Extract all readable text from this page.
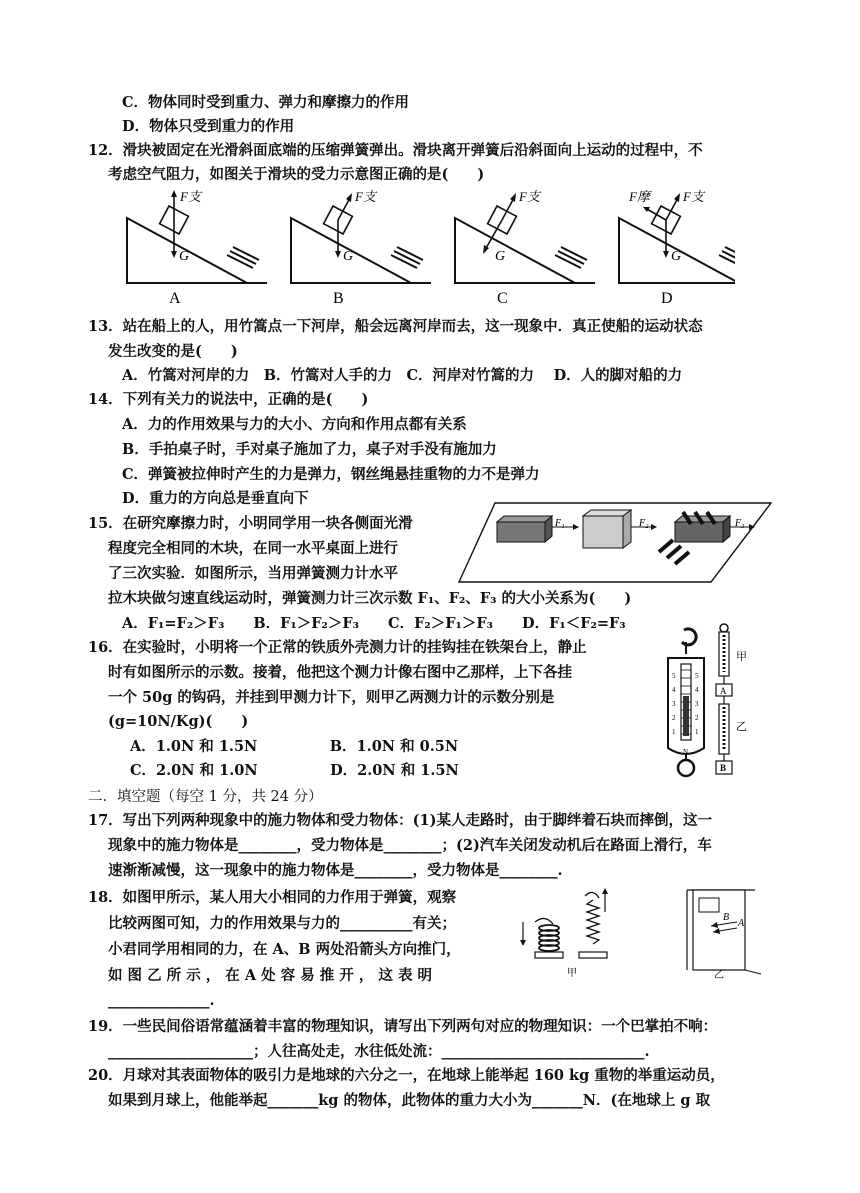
C．物体同时受到重力、弹力和摩擦力的作用
D．物体只受到重力的作用
12．滑块被固定在光滑斜面底端的压缩弹簧弹出。滑块离开弹簧后沿斜面向上运动的过程中，不
考虑空气阻力，如图关于滑块的受力示意图正确的是(　　)
F支
G
A
F支
G
B
F支
G
C
F摩	F支
G
D
13．站在船上的人，用竹篙点一下河岸，船会远离河岸而去，这一现象中．真正使船的运动状态
发生改变的是(　　)
A．竹篙对河岸的力　B．竹篙对人手的力　C．河岸对竹篙的力　 D．人的脚对船的力
14．下列有关力的说法中，正确的是(　　)
A．力的作用效果与力的大小、方向和作用点都有关系
B．手拍桌子时，手对桌子施加了力，桌子对手没有施加力
C．弹簧被拉伸时产生的力是弹力，钢丝绳悬挂重物的力不是弹力
D．重力的方向总是垂直向下
15．在研究摩擦力时，小明同学用一块各侧面光滑
程度完全相同的木块，在同一水平桌面上进行
了三次实验．如图所示，当用弹簧测力计水平
拉木块做匀速直线运动时，弹簧测力计三次示数 F₁、F₂、F₃ 的大小关系为(　　)
A．F₁=F₂＞F₃　　B．F₁＞F₂＞F₃　　C．F₂＞F₁＞F₃　　D．F₁＜F₂=F₃
F₁	F₂	F₃
16．在实验时，小明将一个正常的铁质外壳测力计的挂钩挂在铁架台上，静止
时有如图所示的示数。接着，他把这个测力计像右图中乙那样，上下各挂
一个 50g 的钩码，并挂到甲测力计下，则甲乙两测力计的示数分别是
(g=10N/Kg)(　　)
A．1.0N 和 1.5N　　　　　B．1.0N 和 0.5N
C．2.0N 和 1.0N　　　　　D．2.0N 和 1.5N
5
4
3
2
1
5
4
3
2
1
N
甲
A
乙
B
二．填空题（每空 1 分，共 24 分）
17．写出下列两种现象中的施力物体和受力物体：(1)某人走路时，由于脚绊着石块而摔倒，这一
现象中的施力物体是________，受力物体是________；(2)汽车关闭发动机后在路面上滑行，车
速渐渐减慢，这一现象中的施力物体是________，受力物体是________.
18．如图甲所示，某人用大小相同的力作用于弹簧，观察
比较两图可知，力的作用效果与力的__________有关；
小君同学用相同的力，在 A、B 两处沿箭头方向推门，
如 图 乙 所 示 ， 在 A 处 容 易 推 开 ， 这 表 明
______________.
甲
B
A
乙
19．一些民间俗语常蕴涵着丰富的物理知识，请写出下列两句对应的物理知识：一个巴掌拍不响：
____________________；人往高处走，水往低处流：____________________________.
20．月球对其表面物体的吸引力是地球的六分之一，在地球上能举起 160 kg 重物的举重运动员，
如果到月球上，他能举起_______kg 的物体，此物体的重力大小为_______N．(在地球上 g 取
